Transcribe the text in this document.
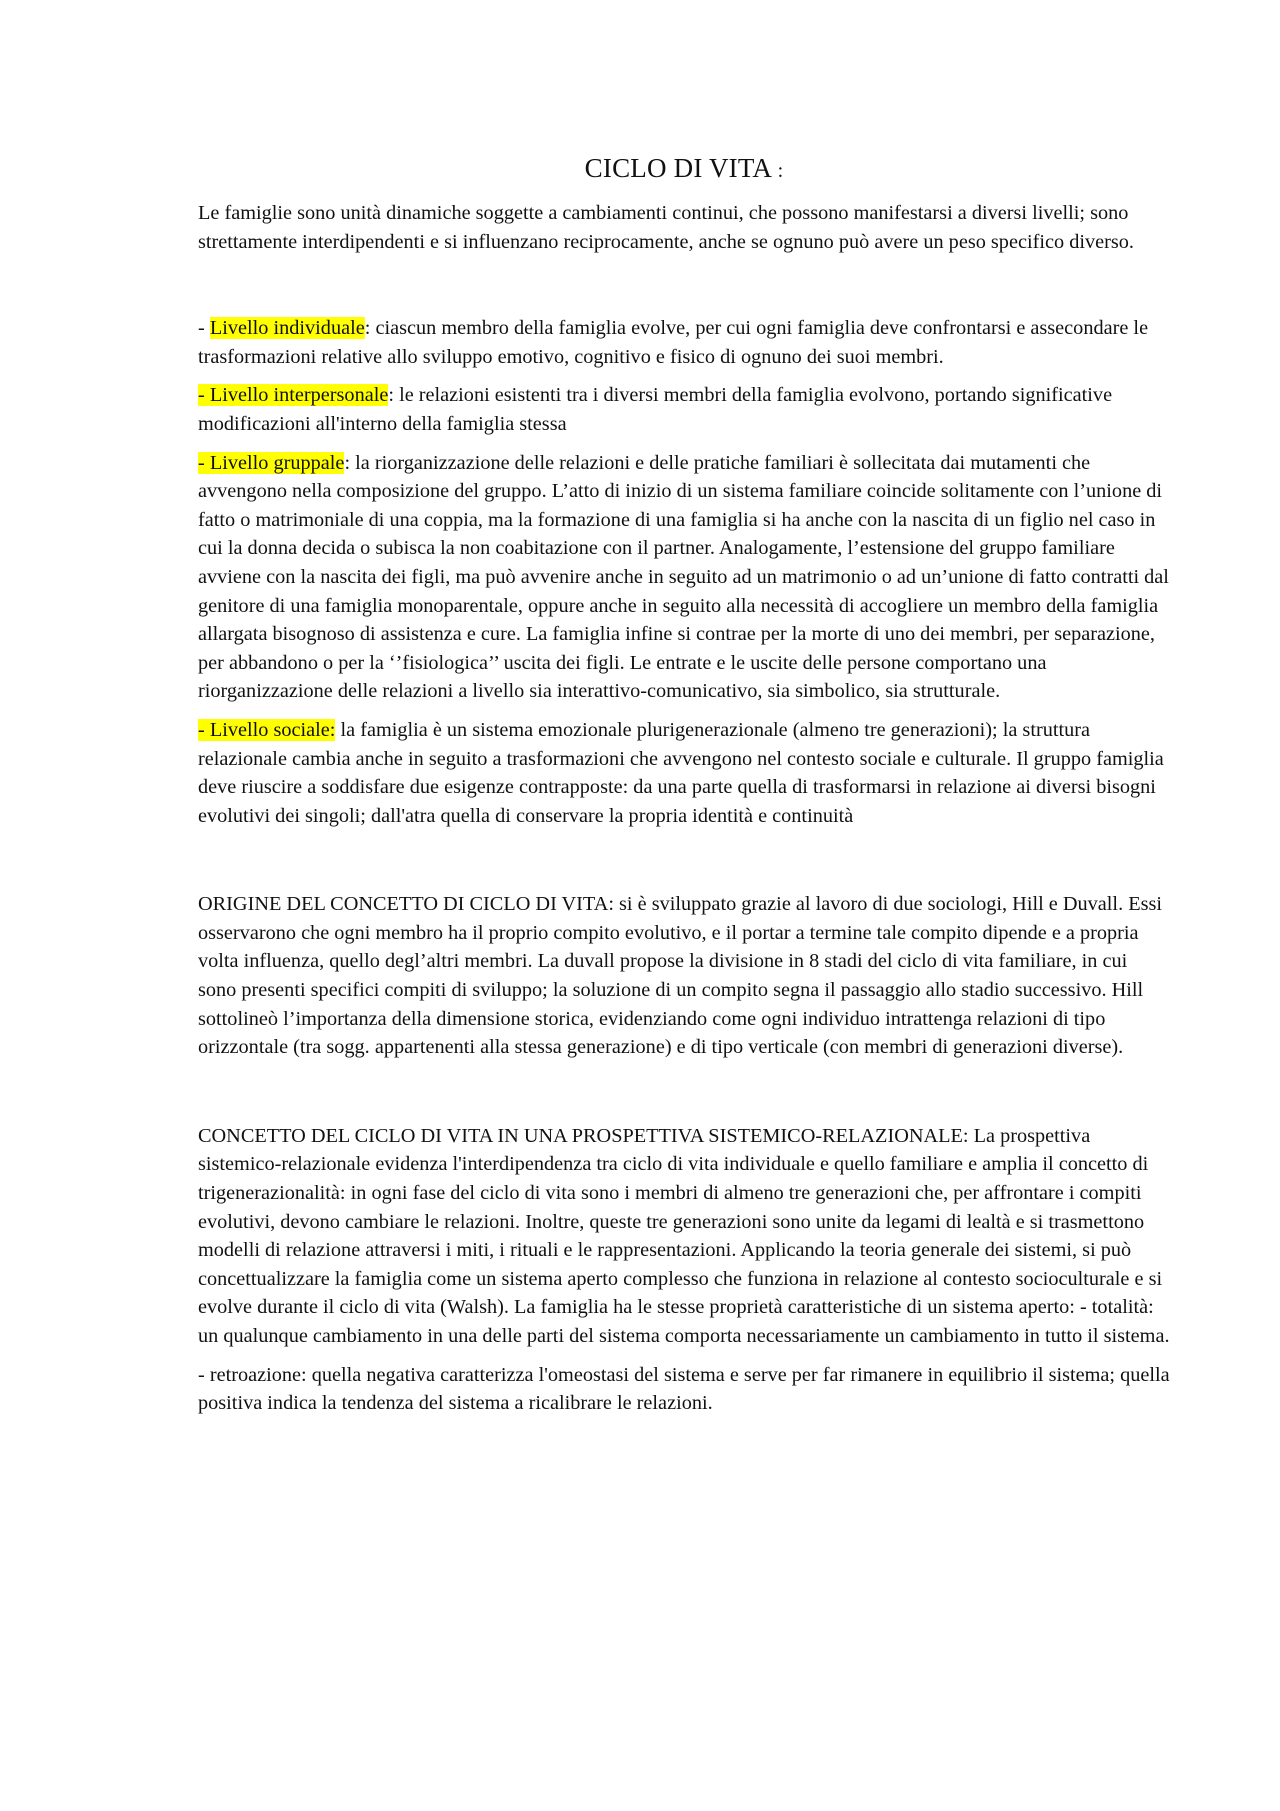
CICLO DI VITA :

Le famiglie sono unità dinamiche soggette a cambiamenti continui, che possono manifestarsi a diversi livelli; sono strettamente interdipendenti e si influenzano reciprocamente, anche se ognuno può avere un peso specifico diverso.

- Livello individuale: ciascun membro della famiglia evolve, per cui ogni famiglia deve confrontarsi e assecondare le trasformazioni relative allo sviluppo emotivo, cognitivo e fisico di ognuno dei suoi membri.

- Livello interpersonale: le relazioni esistenti tra i diversi membri della famiglia evolvono, portando significative modificazioni all'interno della famiglia stessa

- Livello gruppale: la riorganizzazione delle relazioni e delle pratiche familiari è sollecitata dai mutamenti che avvengono nella composizione del gruppo. L’atto di inizio di un sistema familiare coincide solitamente con l’unione di fatto o matrimoniale di una coppia, ma la formazione di una famiglia si ha anche con la nascita di un figlio nel caso in cui la donna decida o subisca la non coabitazione con il partner. Analogamente, l’estensione del gruppo familiare avviene con la nascita dei figli, ma può avvenire anche in seguito ad un matrimonio o ad un’unione di fatto contratti dal genitore di una famiglia monoparentale, oppure anche in seguito alla necessità di accogliere un membro della famiglia allargata bisognoso di assistenza e cure. La famiglia infine si contrae per la morte di uno dei membri, per separazione, per abbandono o per la ‘’fisiologica’’ uscita dei figli. Le entrate e le uscite delle persone comportano una riorganizzazione delle relazioni a livello sia interattivo-comunicativo, sia simbolico, sia strutturale.

- Livello sociale: la famiglia è un sistema emozionale plurigenerazionale (almeno tre generazioni); la struttura relazionale cambia anche in seguito a trasformazioni che avvengono nel contesto sociale e culturale. Il gruppo famiglia deve riuscire a soddisfare due esigenze contrapposte: da una parte quella di trasformarsi in relazione ai diversi bisogni evolutivi dei singoli; dall'atra quella di conservare la propria identità e continuità

ORIGINE DEL CONCETTO DI CICLO DI VITA: si è sviluppato grazie al lavoro di due sociologi, Hill e Duvall. Essi osservarono che ogni membro ha il proprio compito evolutivo, e il portar a termine tale compito dipende e a propria volta influenza, quello degl’altri membri. La duvall propose la divisione in 8 stadi del ciclo di vita familiare, in cui sono presenti specifici compiti di sviluppo; la soluzione di un compito segna il passaggio allo stadio successivo. Hill sottolineò l’importanza della dimensione storica, evidenziando come ogni individuo intrattenga relazioni di tipo orizzontale (tra sogg. appartenenti alla stessa generazione) e di tipo verticale (con membri di generazioni diverse).

CONCETTO DEL CICLO DI VITA IN UNA PROSPETTIVA SISTEMICO-RELAZIONALE: La prospettiva sistemico-relazionale evidenza l'interdipendenza tra ciclo di vita individuale e quello familiare e amplia il concetto di trigenerazionalità: in ogni fase del ciclo di vita sono i membri di almeno tre generazioni che, per affrontare i compiti evolutivi, devono cambiare le relazioni. Inoltre, queste tre generazioni sono unite da legami di lealtà e si trasmettono modelli di relazione attraversi i miti, i rituali e le rappresentazioni. Applicando la teoria generale dei sistemi, si può concettualizzare la famiglia come un sistema aperto complesso che funziona in relazione al contesto socioculturale e si evolve durante il ciclo di vita (Walsh). La famiglia ha le stesse proprietà caratteristiche di un sistema aperto: - totalità: un qualunque cambiamento in una delle parti del sistema comporta necessariamente un cambiamento in tutto il sistema.

- retroazione: quella negativa caratterizza l'omeostasi del sistema e serve per far rimanere in equilibrio il sistema; quella positiva indica la tendenza del sistema a ricalibrare le relazioni.
